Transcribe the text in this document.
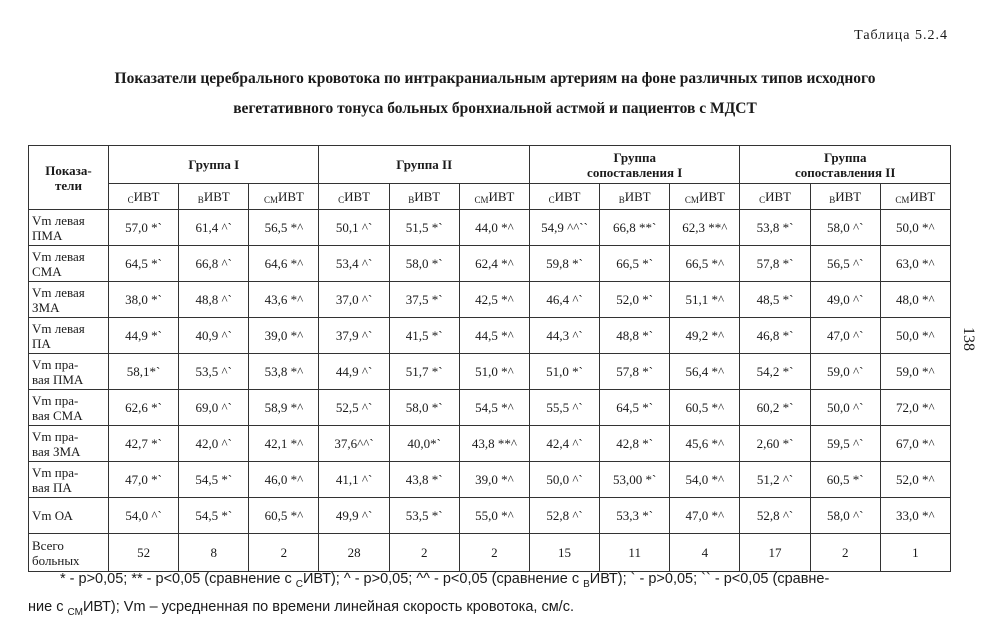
Таблица 5.2.4
Показатели церебрального кровотока по интракраниальным артериям на фоне различных типов исходного
вегетативного тонуса больных бронхиальной астмой и пациентов с МДСТ
138
Показа-
тели	Группа I			Группа II			Группа
сопоставления I			Группа
сопоставления II		
	$_С$ИВТ	$_В$ИВТ	$_{СМ}$ИВТ	$_С$ИВТ	$_В$ИВТ	$_{СМ}$ИВТ	$_С$ИВТ	$_В$ИВТ	$_{СМ}$ИВТ	$_С$ИВТ	$_В$ИВТ	$_{СМ}$ИВТ
Vm левая
ПМА	57,0 *`	61,4 ^`	56,5 *^	50,1 ^`	51,5 *`	44,0 *^	54,9 ^^``	66,8 **`	62,3 **^	53,8 *`	58,0 ^`	50,0 *^
Vm левая
СМА	64,5 *`	66,8 ^`	64,6 *^	53,4 ^`	58,0 *`	62,4 *^	59,8 *`	66,5 *`	66,5 *^	57,8 *`	56,5 ^`	63,0 *^
Vm левая
ЗМА	38,0 *`	48,8 ^`	43,6 *^	37,0 ^`	37,5 *`	42,5 *^	46,4 ^`	52,0 *`	51,1 *^	48,5 *`	49,0 ^`	48,0 *^
Vm левая
ПА	44,9 *`	40,9 ^`	39,0 *^	37,9 ^`	41,5 *`	44,5 *^	44,3 ^`	48,8 *`	49,2 *^	46,8 *`	47,0 ^`	50,0 *^
Vm пра-
вая ПМА	58,1*`	53,5 ^`	53,8 *^	44,9 ^`	51,7 *`	51,0 *^	51,0 *`	57,8 *`	56,4 *^	54,2 *`	59,0 ^`	59,0 *^
Vm пра-
вая СМА	62,6 *`	69,0 ^`	58,9 *^	52,5 ^`	58,0 *`	54,5 *^	55,5 ^`	64,5 *`	60,5 *^	60,2 *`	50,0 ^`	72,0 *^
Vm пра-
вая ЗМА	42,7 *`	42,0 ^`	42,1 *^	37,6^^`	40,0*`	43,8 **^	42,4 ^`	42,8 *`	45,6 *^	2,60 *`	59,5 ^`	67,0 *^
Vm пра-
вая ПА	47,0 *`	54,5 *`	46,0 *^	41,1 ^`	43,8 *`	39,0 *^	50,0 ^`	53,00 *`	54,0 *^	51,2 ^`	60,5 *`	52,0 *^
Vm ОА	54,0 ^`	54,5 *`	60,5 *^	49,9 ^`	53,5 *`	55,0 *^	52,8 ^`	53,3 *`	47,0 *^	52,8 ^`	58,0 ^`	33,0 *^
Всего
больных	52	8	2	28	2	2	15	11	4	17	2	1
* - р>0,05; ** - р<0,05 (сравнение с $_С$ИВТ); ^ - р>0,05; ^^ - р<0,05 (сравнение с $_В$ИВТ); ` - р>0,05; `` - р<0,05 (сравне-
ние с $_{СМ}$ИВТ); Vm – усредненная по времени линейная скорость кровотока, см/с.
